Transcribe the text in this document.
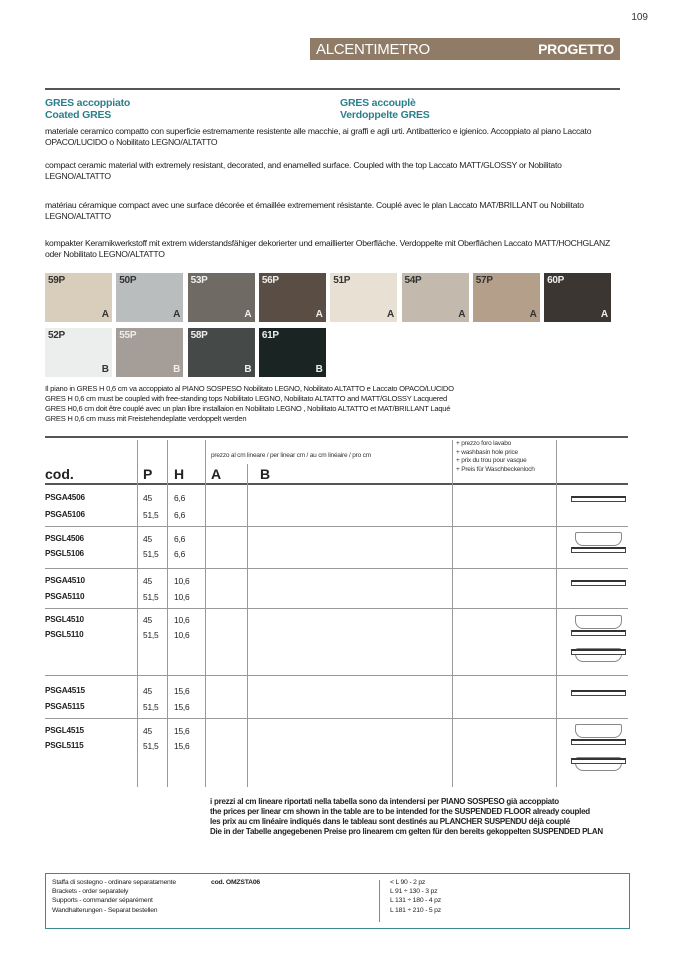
109
ALCENTIMETRO	PROGETTO
GRES accoppiato
Coated GRES
GRES accouplè
Verdoppelte GRES
materiale ceramico compatto con superficie estremamente resistente alle macchie, ai graffi e agli urti. Antibatterico e igienico. Accoppiato al piano Laccato OPACO/LUCIDO o Nobilitato LEGNO/ALTATTO
compact ceramic material with extremely resistant, decorated, and enamelled surface. Coupled with the top Laccato MATT/GLOSSY or Nobilitato LEGNO/ALTATTO
matériau céramique compact avec une surface décorée et émaillée extremement résistante. Couplé avec le plan Laccato MAT/BRILLANT ou Nobilitato LEGNO/ALTATTO
kompakter Keramikwerkstoff mit extrem widerstandsfähiger dekorierter und emaillierter Oberfläche. Verdoppelte mit Oberflächen Laccato MATT/HOCHGLANZ oder Nobilitato LEGNO/ALTATTO
59P
A
50P
A
53P
A
56P
A
51P
A
54P
A
57P
A
60P
A
52P
B
55P
B
58P
B
61P
B
Il piano in GRES H 0,6 cm va accoppiato al PIANO SOSPESO Nobilitato LEGNO, Nobilitato ALTATTO e Laccato OPACO/LUCIDO
GRES H 0,6 cm must be coupled with free-standing tops Nobilitato LEGNO, Nobilitato ALTATTO and MATT/GLOSSY Lacquered
GRES H0,6 cm doit être couplé avec un plan libre installaion en Nobilitato LEGNO , Nobilitato ALTATTO et MAT/BRILLANT Laqué
GRES H 0,6 cm muss mit Freistehendeplatte verdoppelt werden
cod.	P H A	B
prezzo al cm lineare / per linear cm / au cm linéaire / pro cm
+ prezzo foro lavabo
+ washbasin hole price
+ prix du trou pour vasque
+ Preis für Waschbeckenloch
PSGA4506	45	6,6
PSGA5106	51,5 6,6
PSGL4506	45	6,6
PSGL5106	51,5 6,6
PSGA4510	45	10,6
PSGA5110	51,5 10,6
PSGL4510	45	10,6
PSGL5110	51,5 10,6
PSGA4515	45	15,6
PSGA5115	51,5 15,6
PSGL4515	45	15,6
PSGL5115	51,5 15,6
i prezzi al cm lineare riportati nella tabella sono da intendersi per PIANO SOSPESO già accoppiato
the prices per linear cm shown in the table are to be intended for the SUSPENDED FLOOR already coupled
les prix au cm linéaire indiqués dans le tableau sont destinés au PLANCHER SUSPENDU déjà couplé
Die in der Tabelle angegebenen Preise pro linearem cm gelten für den bereits gekoppelten SUSPENDED PLAN
Staffa di sostegno - ordinare separatamente
Brackets - order separately
Supports - commander séparément
Wandhalterungen - Separat bestellen
cod. OMZSTA06	< L 90 - 2 pz
L 91 ÷ 130 - 3 pz
L 131 ÷ 180 - 4 pz
L 181 ÷ 210 - 5 pz
